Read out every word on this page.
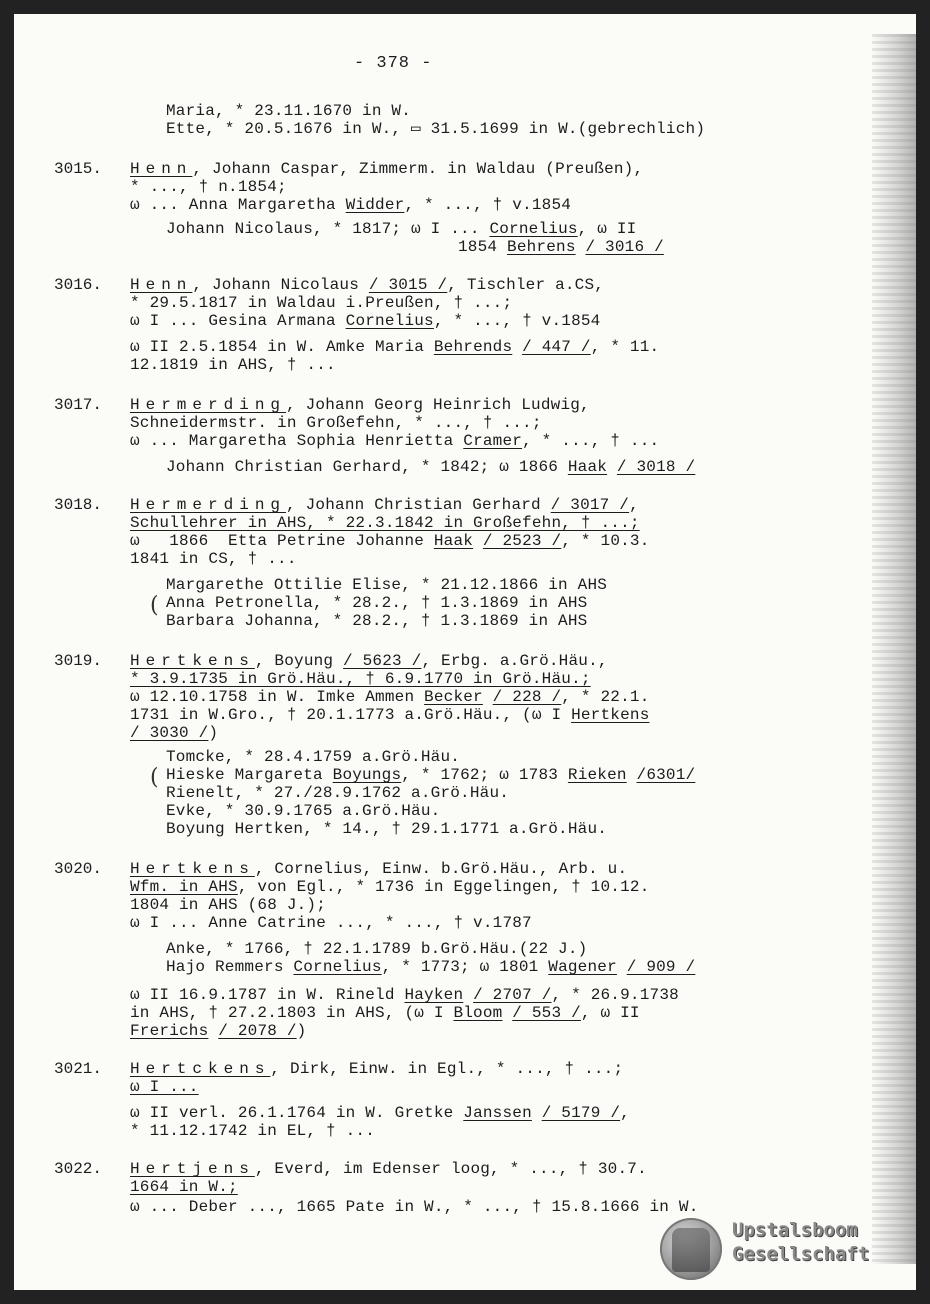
- 378 -
Maria, * 23.11.1670 in W.
Ette, * 20.5.1676 in W., ▭ 31.5.1699 in W.(gebrechlich)
3015. Henn, Johann Caspar, Zimmerm. in Waldau (Preußen),
* ..., † n.1854;
ω ... Anna Margaretha Widder, * ..., † v.1854
Johann Nicolaus, * 1817; ω I ... Cornelius, ω II
1854 Behrens / 3016 /
3016. Henn, Johann Nicolaus / 3015 /, Tischler a.CS,
* 29.5.1817 in Waldau i.Preußen, † ...;
ω I ... Gesina Armana Cornelius, * ..., † v.1854
ω II 2.5.1854 in W. Amke Maria Behrends / 447 /, * 11.
12.1819 in AHS, † ...
3017. Hermerding, Johann Georg Heinrich Ludwig,
Schneidermstr. in Großefehn, * ..., † ...;
ω ... Margaretha Sophia Henrietta Cramer, * ..., † ...
Johann Christian Gerhard, * 1842; ω 1866 Haak / 3018 /
3018. Hermerding, Johann Christian Gerhard / 3017 /,
Schullehrer in AHS, * 22.3.1842 in Großefehn, † ...;
ω   1866  Etta Petrine Johanne Haak / 2523 /, * 10.3.
1841 in CS, † ...
Margarethe Ottilie Elise, * 21.12.1866 in AHS
( Anna Petronella, * 28.2., † 1.3.1869 in AHS
Barbara Johanna, * 28.2., † 1.3.1869 in AHS
3019. Hertkens, Boyung / 5623 /, Erbg. a.Grö.Häu.,
* 3.9.1735 in Grö.Häu., † 6.9.1770 in Grö.Häu.;
ω 12.10.1758 in W. Imke Ammen Becker / 228 /, * 22.1.
1731 in W.Gro., † 20.1.1773 a.Grö.Häu., (ω I Hertkens
/ 3030 /)
Tomcke, * 28.4.1759 a.Grö.Häu.
( Hieske Margareta Boyungs, * 1762; ω 1783 Rieken /6301/
Rienelt, * 27./28.9.1762 a.Grö.Häu.
Evke, * 30.9.1765 a.Grö.Häu.
Boyung Hertken, * 14., † 29.1.1771 a.Grö.Häu.
3020. Hertkens, Cornelius, Einw. b.Grö.Häu., Arb. u.
Wfm. in AHS, von Egl., * 1736 in Eggelingen, † 10.12.
1804 in AHS (68 J.);
ω I ... Anne Catrine ..., * ..., † v.1787
Anke, * 1766, † 22.1.1789 b.Grö.Häu.(22 J.)
Hajo Remmers Cornelius, * 1773; ω 1801 Wagener / 909 /
ω II 16.9.1787 in W. Rineld Hayken / 2707 /, * 26.9.1738
in AHS, † 27.2.1803 in AHS, (ω I Bloom / 553 /, ω II
Frerichs / 2078 /)
3021. Hertckens, Dirk, Einw. in Egl., * ..., † ...;
ω I ...
ω II verl. 26.1.1764 in W. Gretke Janssen / 5179 /,
* 11.12.1742 in EL, † ...
3022. Hertjens, Everd, im Edenser loog, * ..., † 30.7.
1664 in W.;
ω ... Deber ..., 1665 Pate in W., * ..., † 15.8.1666 in W.
Upstalsboom
Gesellschaft
